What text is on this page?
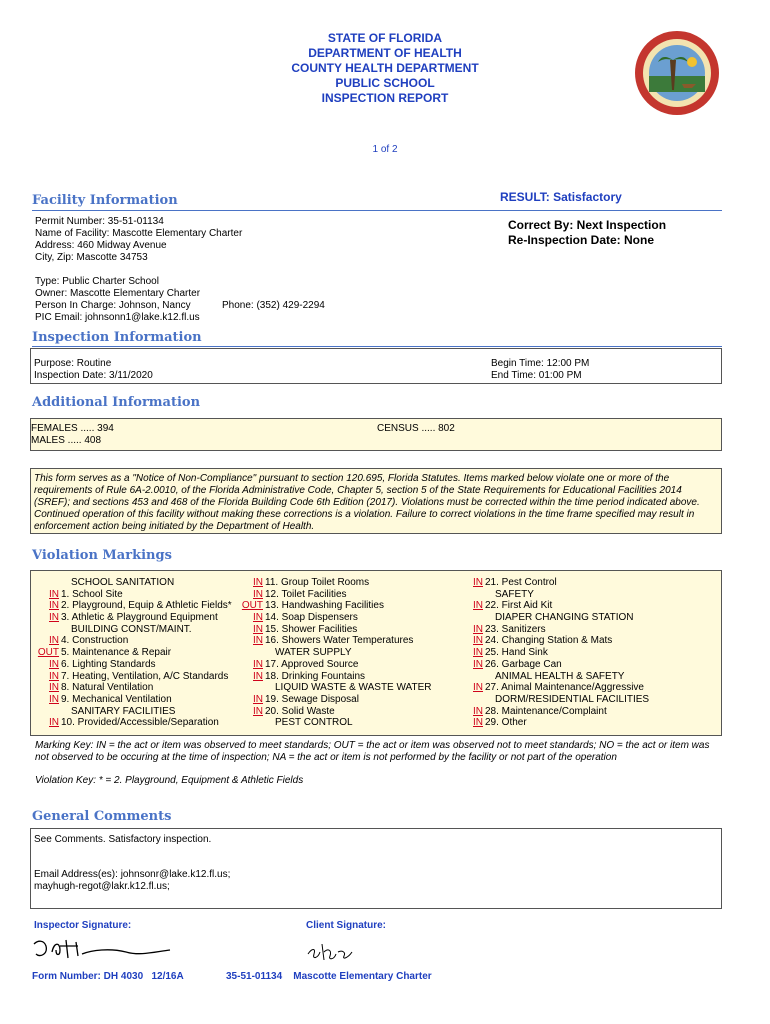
STATE OF FLORIDA
DEPARTMENT OF HEALTH
COUNTY HEALTH DEPARTMENT
PUBLIC SCHOOL
INSPECTION REPORT
1 of 2
Facility Information	RESULT: Satisfactory
Permit Number: 35-51-01134
Name of Facility: Mascotte Elementary Charter
Address: 460 Midway Avenue
City, Zip: Mascotte 34753
Type: Public Charter School
Owner: Mascotte Elementary Charter
Person In Charge: Johnson, Nancy
PIC Email: johnsonn1@lake.k12.fl.us
Phone: (352) 429-2294
Correct By: Next Inspection
Re-Inspection Date: None
Inspection Information
Purpose: Routine
Inspection Date: 3/11/2020
Begin Time: 12:00 PM
End Time: 01:00 PM
Additional Information
FEMALES ..... 394
MALES ..... 408
CENSUS ..... 802
This form serves as a "Notice of Non-Compliance" pursuant to section 120.695, Florida Statutes. Items marked below violate one or more of the
requirements of Rule 6A-2.0010, of the Florida Administrative Code, Chapter 5, section 5 of the State Requirements for Educational Facilities 2014
(SREF); and sections 453 and 468 of the Florida Building Code 6th Edition (2017). Violations must be corrected within the time period indicated above.
Continued operation of this facility without making these corrections is a violation. Failure to correct violations in the time frame specified may result in
enforcement action being initiated by the Department of Health.
Violation Markings
SCHOOL SANITATION
IN 1. School Site
IN 2. Playground, Equip & Athletic Fields*
IN 3. Athletic & Playground Equipment
BUILDING CONST/MAINT.
IN 4. Construction
OUT 5. Maintenance & Repair
IN 6. Lighting Standards
IN 7. Heating, Ventilation, A/C Standards
IN 8. Natural Ventilation
IN 9. Mechanical Ventilation
SANITARY FACILITIES
IN 10. Provided/Accessible/Separation
IN 11. Group Toilet Rooms
IN 12. Toilet Facilities
OUT 13. Handwashing Facilities
IN 14. Soap Dispensers
IN 15. Shower Facilities
IN 16. Showers Water Temperatures
WATER SUPPLY
IN 17. Approved Source
IN 18. Drinking Fountains
LIQUID WASTE & WASTE WATER
IN 19. Sewage Disposal
IN 20. Solid Waste
PEST CONTROL
IN 21. Pest Control
SAFETY
IN 22. First Aid Kit
DIAPER CHANGING STATION
IN 23. Sanitizers
IN 24. Changing Station & Mats
IN 25. Hand Sink
IN 26. Garbage Can
ANIMAL HEALTH & SAFETY
IN 27. Animal Maintenance/Aggressive
DORM/RESIDENTIAL FACILITIES
IN 28. Maintenance/Complaint
IN 29. Other
Marking Key: IN = the act or item was observed to meet standards; OUT = the act or item was observed not to meet standards; NO = the act or item was
not observed to be occuring at the time of inspection; NA = the act or item is not performed by the facility or not part of the operation
Violation Key: * = 2. Playground, Equipment & Athletic Fields
General Comments
See Comments. Satisfactory inspection.
Email Address(es): johnsonr@lake.k12.fl.us;
mayhugh-regot@lakr.k12.fl.us;
Inspector Signature:	Client Signature:
Form Number: DH 4030   12/16A	35-51-01134    Mascotte Elementary Charter
